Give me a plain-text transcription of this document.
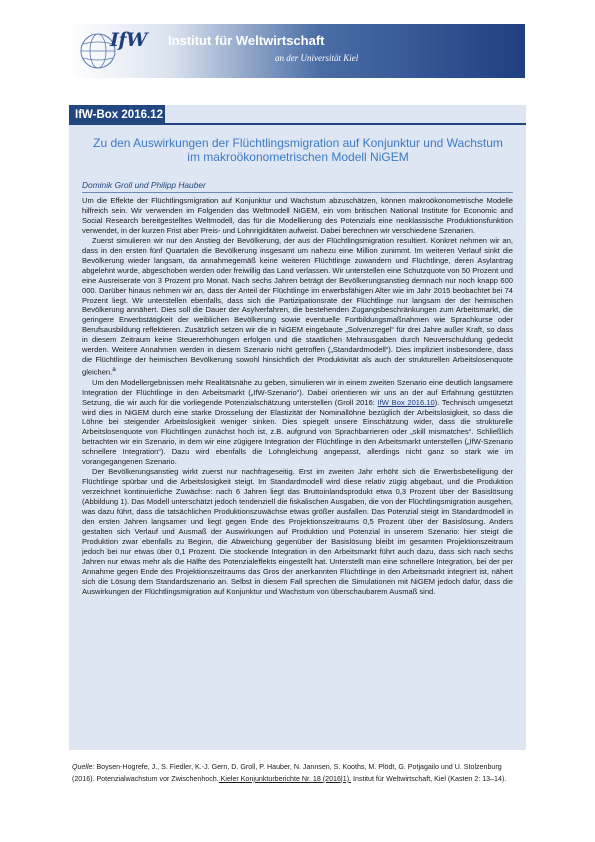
IfW Institut für Weltwirtschaft
an der Universität Kiel
IfW-Box 2016.12
Zu den Auswirkungen der Flüchtlingsmigration auf Konjunktur und Wachstum
im makroökonometrischen Modell NiGEM
Dominik Groll und Philipp Hauber

Um die Effekte der Flüchtlingsmigration auf Konjunktur und Wachstum abzuschätzen, können makroökonometrische Modelle hilfreich sein. Wir verwenden im Folgenden das Weltmodell NiGEM, ein vom britischen National Institute for Economic and Social Research bereitgestelltes Weltmodell, das für die Modellierung des Potenzials eine neoklassische Produktionsfunktion verwendet, in der kurzen Frist aber Preis- und Lohnrigiditäten aufweist. Dabei berechnen wir verschiedene Szenarien.

Zuerst simulieren wir nur den Anstieg der Bevölkerung, der aus der Flüchtlingsmigration resultiert. Konkret nehmen wir an, dass in den ersten fünf Quartalen die Bevölkerung insgesamt um nahezu eine Million zunimmt. Im weiteren Verlauf sinkt die Bevölkerung wieder langsam, da annahmegemäß keine weiteren Flüchtlinge zuwandern und Flüchtlinge, deren Asylantrag abgelehnt wurde, abgeschoben werden oder freiwillig das Land verlassen. Wir unterstellen eine Schutzquote von 50 Prozent und eine Ausreiserate von 3 Prozent pro Monat. Nach sechs Jahren beträgt der Bevölkerungsanstieg demnach nur noch knapp 600 000. Darüber hinaus nehmen wir an, dass der Anteil der Flüchtlinge im erwerbsfähigen Alter wie im Jahr 2015 beobachtet bei 74 Prozent liegt. Wir unterstellen ebenfalls, dass sich die Partizipationsrate der Flüchtlinge nur langsam der der heimischen Bevölkerung annähert. Dies soll die Dauer der Asylverfahren, die bestehenden Zugangsbeschränkungen zum Arbeitsmarkt, die geringere Erwerbstätigkeit der weiblichen Bevölkerung sowie eventuelle Fortbildungsmaßnahmen wie Sprachkurse oder Berufsausbildung reflektieren. Zusätzlich setzen wir die in NiGEM eingebaute „Solvenzregel“ für drei Jahre außer Kraft, so dass in diesem Zeitraum keine Steuererhöhungen erfolgen und die staatlichen Mehrausgaben durch Neuverschuldung gedeckt werden. Weitere Annahmen werden in diesem Szenario nicht getroffen („Standardmodell“). Dies impliziert insbesondere, dass die Flüchtlinge der heimischen Bevölkerung sowohl hinsichtlich der Produktivität als auch der strukturellen Arbeitslosenquote gleichen.$^a$

Um den Modellergebnissen mehr Realitätsnähe zu geben, simulieren wir in einem zweiten Szenario eine deutlich langsamere Integration der Flüchtlinge in den Arbeitsmarkt („IfW-Szenario“). Dabei orientieren wir uns an der auf Erfahrung gestützten Setzung, die wir auch für die vorliegende Potenzialschätzung unterstellen (Groll 2016: IfW Box 2016.10). Technisch umgesetzt wird dies in NiGEM durch eine starke Drosselung der Elastizität der Nominallöhne bezüglich der Arbeitslosigkeit, so dass die Löhne bei steigender Arbeitslosigkeit weniger sinken. Dies spiegelt unsere Einschätzung wider, dass die strukturelle Arbeitslosenquote von Flüchtlingen zunächst hoch ist, z.B. aufgrund von Sprachbarrieren oder „skill mismatches“. Schließlich betrachten wir ein Szenario, in dem wir eine zügigere Integration der Flüchtlinge in den Arbeitsmarkt unterstellen („IfW-Szenario schnellere Integration“). Dazu wird ebenfalls die Lohngleichung angepasst, allerdings nicht ganz so stark wie im vorangegangenen Szenario.

Der Bevölkerungsanstieg wirkt zuerst nur nachfrageseitig. Erst im zweiten Jahr erhöht sich die Erwerbsbeteiligung der Flüchtlinge spürbar und die Arbeitslosigkeit steigt. Im Standardmodell wird diese relativ zügig abgebaut, und die Produktion verzeichnet kontinuierliche Zuwächse: nach 6 Jahren liegt das Bruttoinlandsprodukt etwa 0,3 Prozent über der Basislösung (Abbildung 1). Das Modell unterschätzt jedoch tendenziell die fiskalischen Ausgaben, die von der Flüchtlingsmigration ausgehen, was dazu führt, dass die tatsächlichen Produktionszuwächse etwas größer ausfallen. Das Potenzial steigt im Standardmodell in den ersten Jahren langsamer und liegt gegen Ende des Projektionszeitraums 0,5 Prozent über der Basislösung. Anders gestalten sich Verlauf und Ausmaß der Auswirkungen auf Produktion und Potenzial in unserem Szenario: hier steigt die Produktion zwar ebenfalls zu Beginn, die Abweichung gegenüber der Basislösung bleibt im gesamten Projektionszeitraum jedoch bei nur etwas über 0,1 Prozent. Die stockende Integration in den Arbeitsmarkt führt auch dazu, dass sich nach sechs Jahren nur etwas mehr als die Hälfte des Potenzialeffekts eingestellt hat. Unterstellt man eine schnellere Integration, bei der per Annahme gegen Ende des Projektionszeitraums das Gros der anerkannten Flüchtlinge in den Arbeitsmarkt integriert ist, nähert sich die Lösung dem Standardszenario an. Selbst in diesem Fall sprechen die Simulationen mit NiGEM jedoch dafür, dass die Auswirkungen der Flüchtlingsmigration auf Konjunktur und Wachstum von überschaubarem Ausmaß sind.

Quelle: Boysen-Hogrefe, J., S. Fiedler, K.-J. Gern, D. Groll, P. Hauber, N. Jannsen, S. Kooths, M. Plödt, G. Potjagailo und U. Stolzenburg (2016). Potenzialwachstum vor Zwischenhoch. Kieler Konjunkturberichte Nr. 18 (2016|1). Institut für Weltwirtschaft, Kiel (Kasten 2: 13–14).
